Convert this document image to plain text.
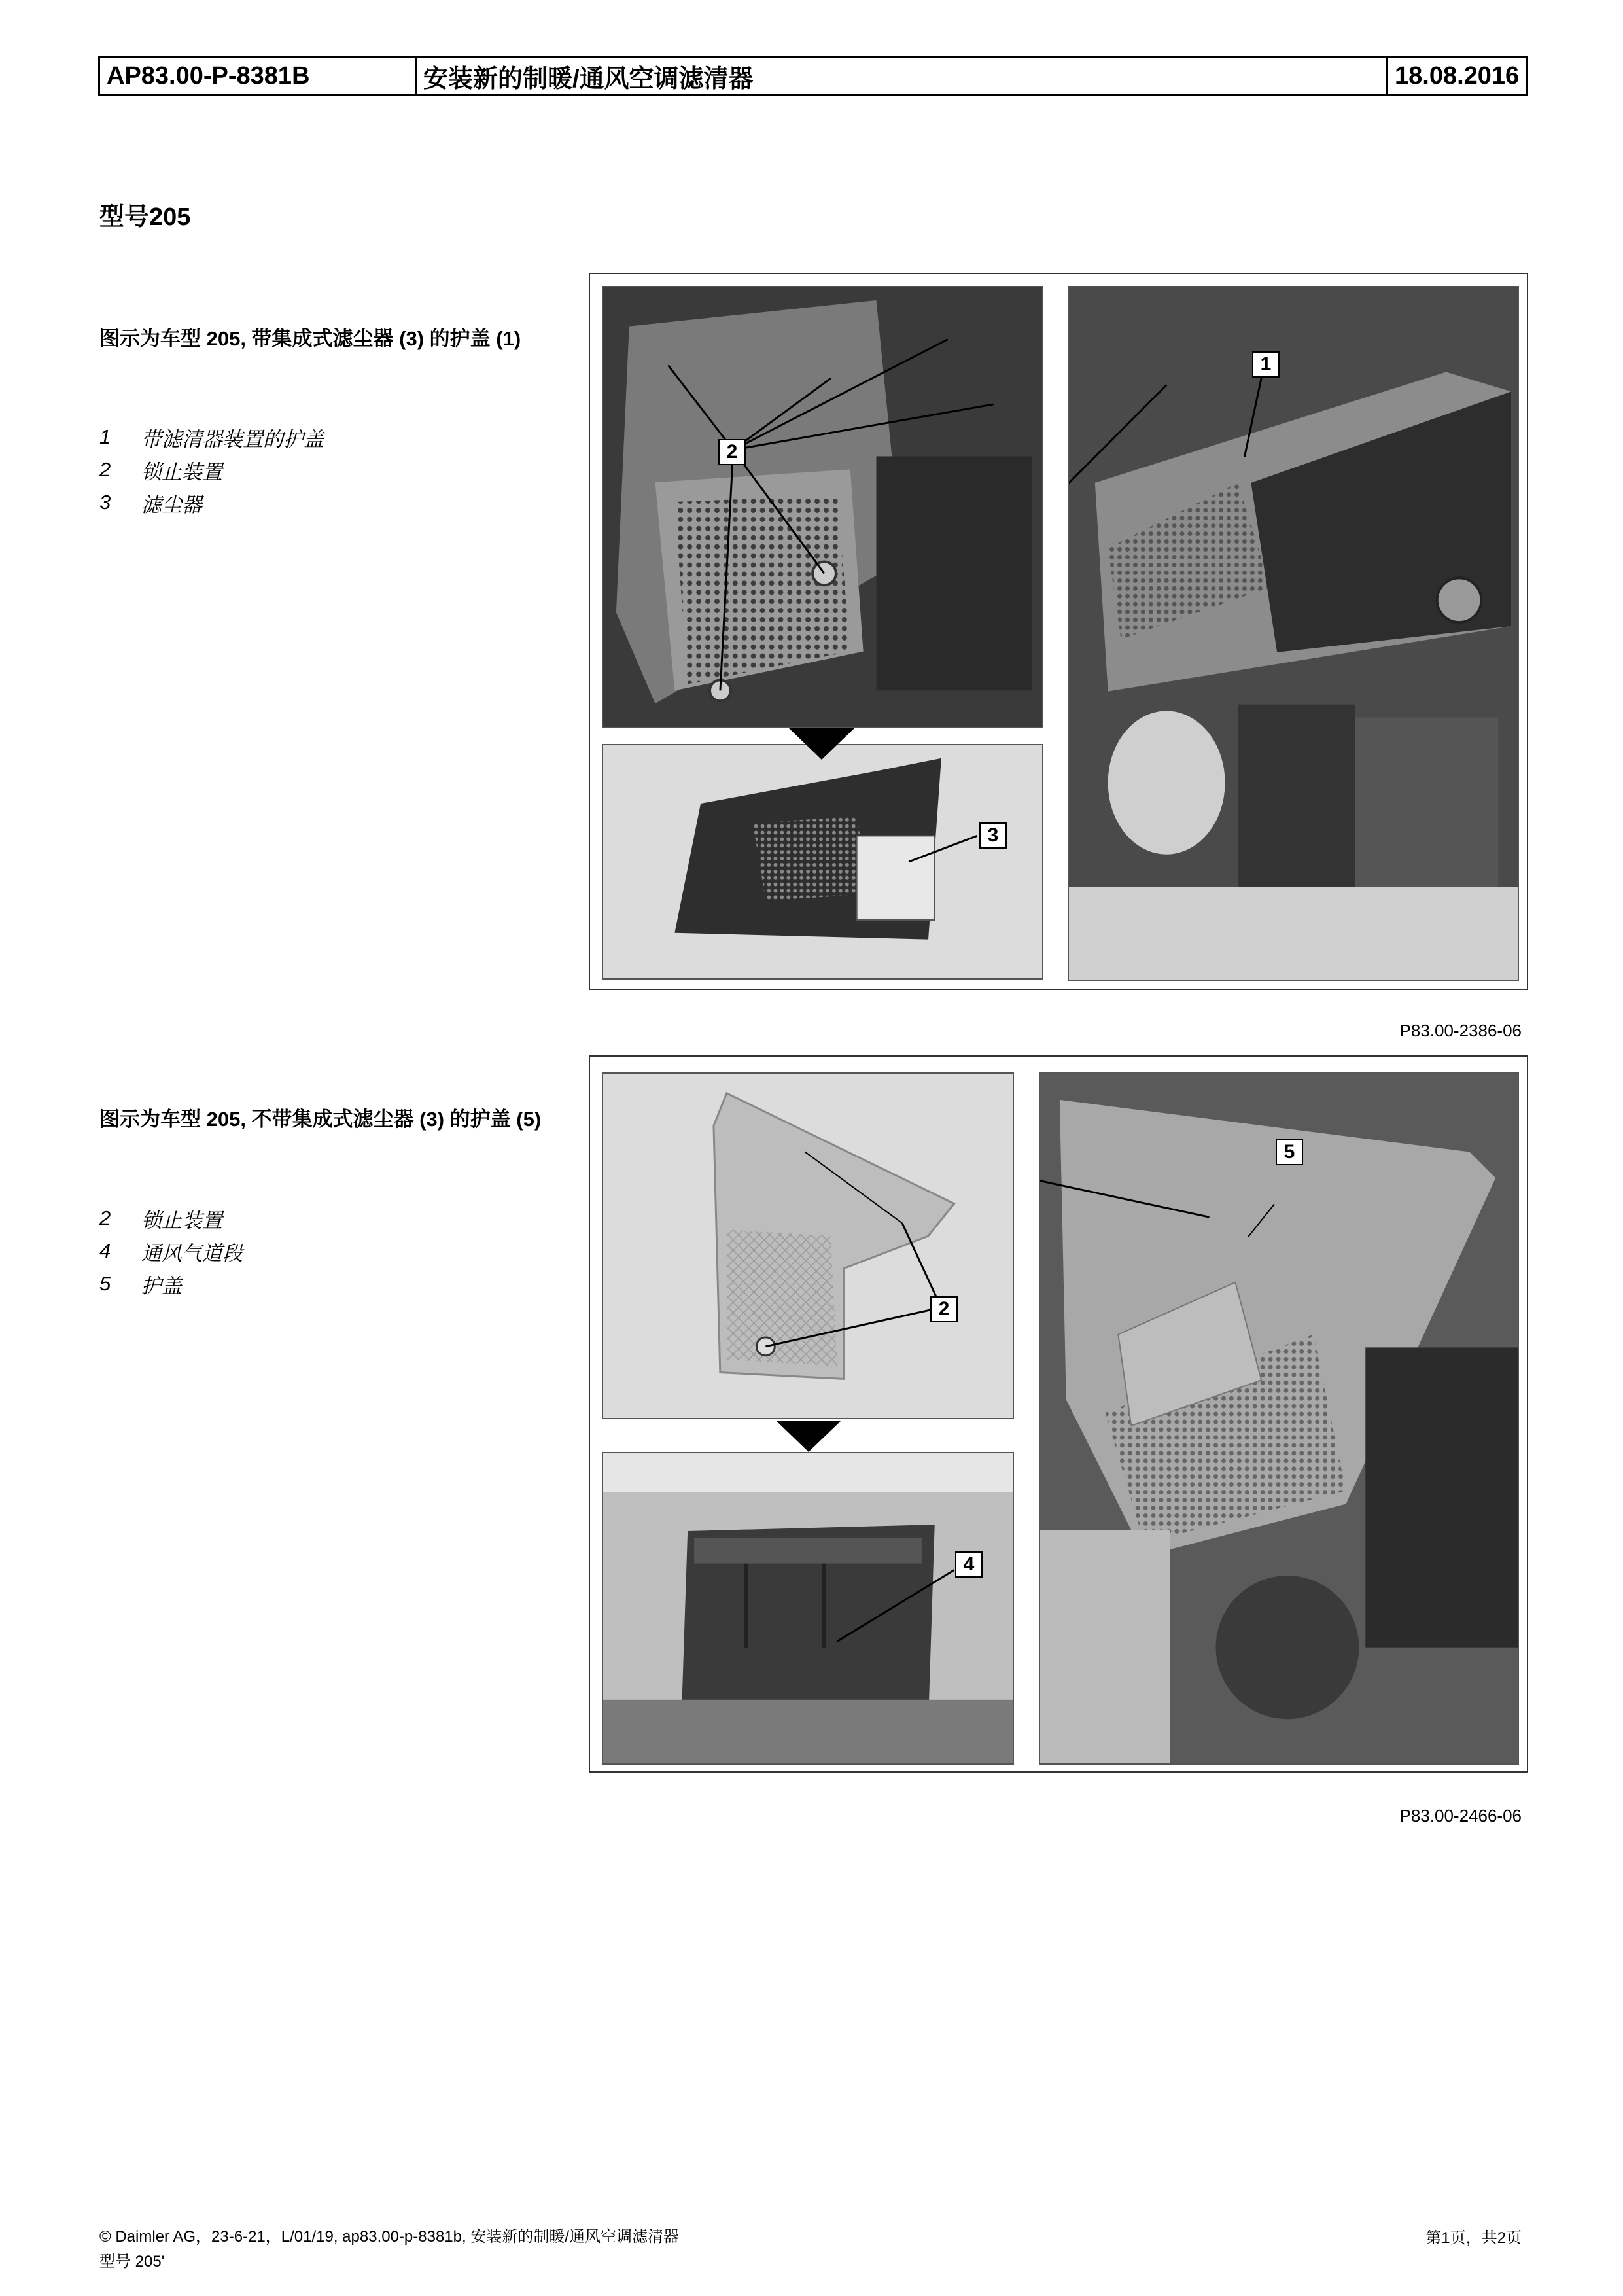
AP83.00-P-8381B	安装新的制暖/通风空调滤清器	18.08.2016
型号205
图示为车型 205, 带集成式滤尘器 (3) 的护盖 (1)
1	带滤清器装置的护盖
2	锁止装置
3	滤尘器
2
3
1
P83.00-2386-06
图示为车型 205, 不带集成式滤尘器 (3) 的护盖 (5)
2	锁止装置
4	通风气道段
5	护盖
2
4
5
P83.00-2466-06
© Daimler AG，23-6-21，L/01/19, ap83.00-p-8381b, 安装新的制暖/通风空调滤清器
型号 205'
第1页，共2页
